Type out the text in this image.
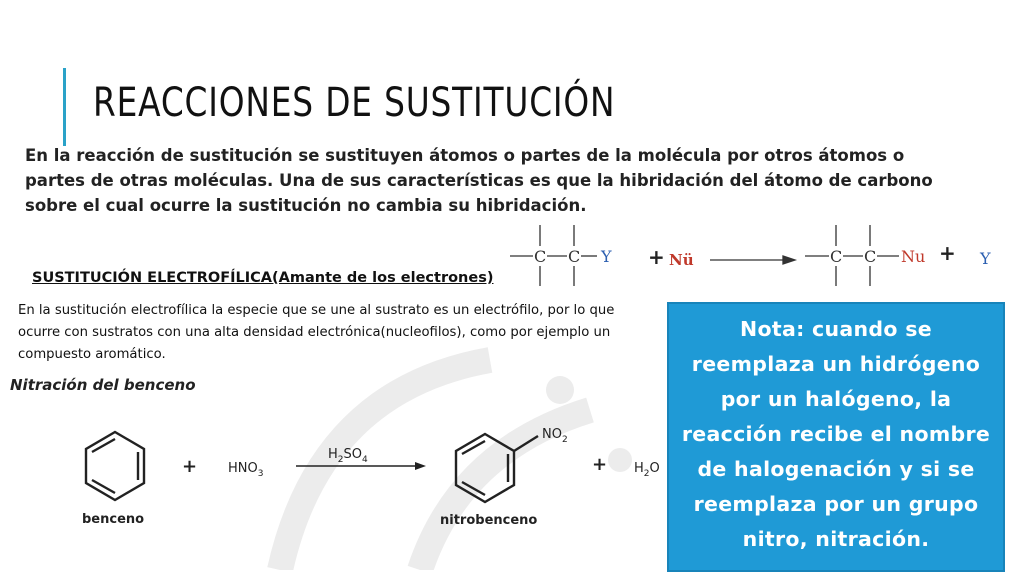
REACCIONES DE SUSTITUCIÓN

En la reacción de sustitución se sustituyen átomos o partes de la molécula por otros átomos o partes de otras moléculas. Una de sus características es que la hibridación del átomo de carbono sobre el cual ocurre la sustitución no cambia su hibridación.

C C Y + Nü	C C Nu + Y
SUSTITUCIÓN ELECTROFÍLICA(Amante de los electrones)

En la sustitución electrofílica la especie que se une al sustrato es un electrófilo, por lo que ocurre con sustratos con una alta densidad electrónica(nucleofilos), como por ejemplo un compuesto aromático.

Nitración del benceno

benceno
+ $HNO_3$
$H_2SO_4$
$NO_2$
nitrobenceno
+ $H_2O$

Nota: cuando se reemplaza un hidrógeno por un halógeno, la reacción recibe el nombre de halogenación y si se reemplaza por un grupo nitro, nitración.
